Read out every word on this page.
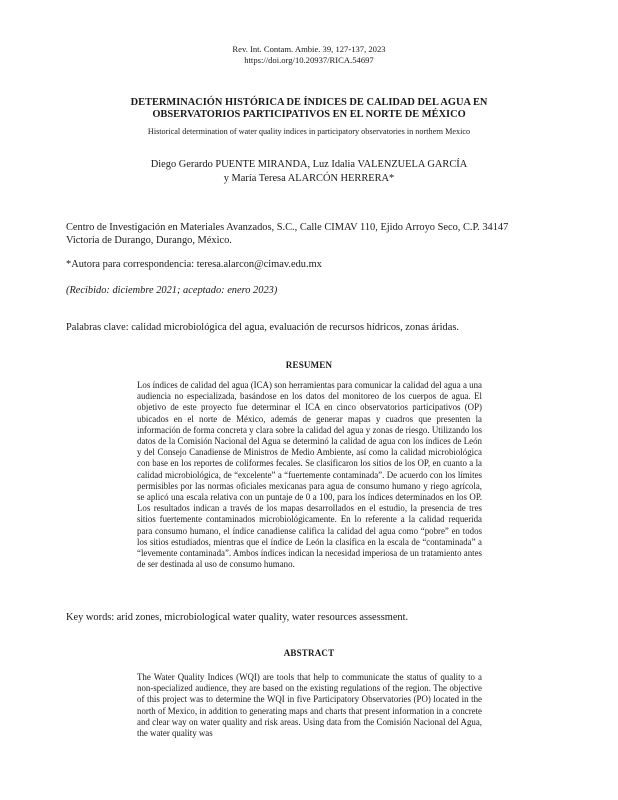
Rev. Int. Contam. Ambie. 39, 127-137, 2023
https://doi.org/10.20937/RICA.54697
DETERMINACIÓN HISTÓRICA DE ÍNDICES DE CALIDAD DEL AGUA EN
OBSERVATORIOS PARTICIPATIVOS EN EL NORTE DE MÉXICO
Historical determination of water quality indices in participatory observatories in northern Mexico
Diego Gerardo PUENTE MIRANDA, Luz Idalia VALENZUELA GARCÍA
y María Teresa ALARCÓN HERRERA*
Centro de Investigación en Materiales Avanzados, S.C., Calle CIMAV 110, Ejido Arroyo Seco, C.P. 34147
Victoria de Durango, Durango, México.
*Autora para correspondencia: teresa.alarcon@cimav.edu.mx
(Recibido: diciembre 2021; aceptado: enero 2023)
Palabras clave: calidad microbiológica del agua, evaluación de recursos hídricos, zonas áridas.
RESUMEN
Los índices de calidad del agua (ICA) son herramientas para comunicar la calidad del agua a una audiencia no especializada, basándose en los datos del monitoreo de los cuerpos de agua. El objetivo de este proyecto fue determinar el ICA en cinco observatorios participativos (OP) ubicados en el norte de México, además de generar mapas y cuadros que presenten la información de forma concreta y clara sobre la calidad del agua y zonas de riesgo. Utilizando los datos de la Comisión Nacional del Agua se determinó la calidad de agua con los índices de León y del Consejo Canadiense de Ministros de Medio Ambiente, así como la calidad microbiológica con base en los reportes de coliformes fecales. Se clasificaron los sitios de los OP, en cuanto a la calidad microbiológica, de “excelente” a “fuertemente contaminada”. De acuerdo con los límites permisibles por las normas oficiales mexicanas para agua de consumo humano y riego agrícola, se aplicó una escala relativa con un puntaje de 0 a 100, para los índices determinados en los OP. Los resultados indican a través de los mapas desarrollados en el estudio, la presencia de tres sitios fuertemente contaminados microbiológicamente. En lo referente a la calidad requerida para consumo humano, el índice canadiense califica la calidad del agua como “pobre” en todos los sitios estudiados, mientras que el índice de León la clasifica en la escala de “contaminada” a “levemente contaminada”. Ambos índices indican la necesidad imperiosa de un tratamiento antes de ser destinada al uso de consumo humano.
Key words: arid zones, microbiological water quality, water resources assessment.
ABSTRACT
The Water Quality Indices (WQI) are tools that help to communicate the status of quality to a non-specialized audience, they are based on the existing regulations of the region. The objective of this project was to determine the WQI in five Participatory Observatories (PO) located in the north of Mexico, in addition to generating maps and charts that present information in a concrete and clear way on water quality and risk areas. Using data from the Comisión Nacional del Agua, the water quality was
